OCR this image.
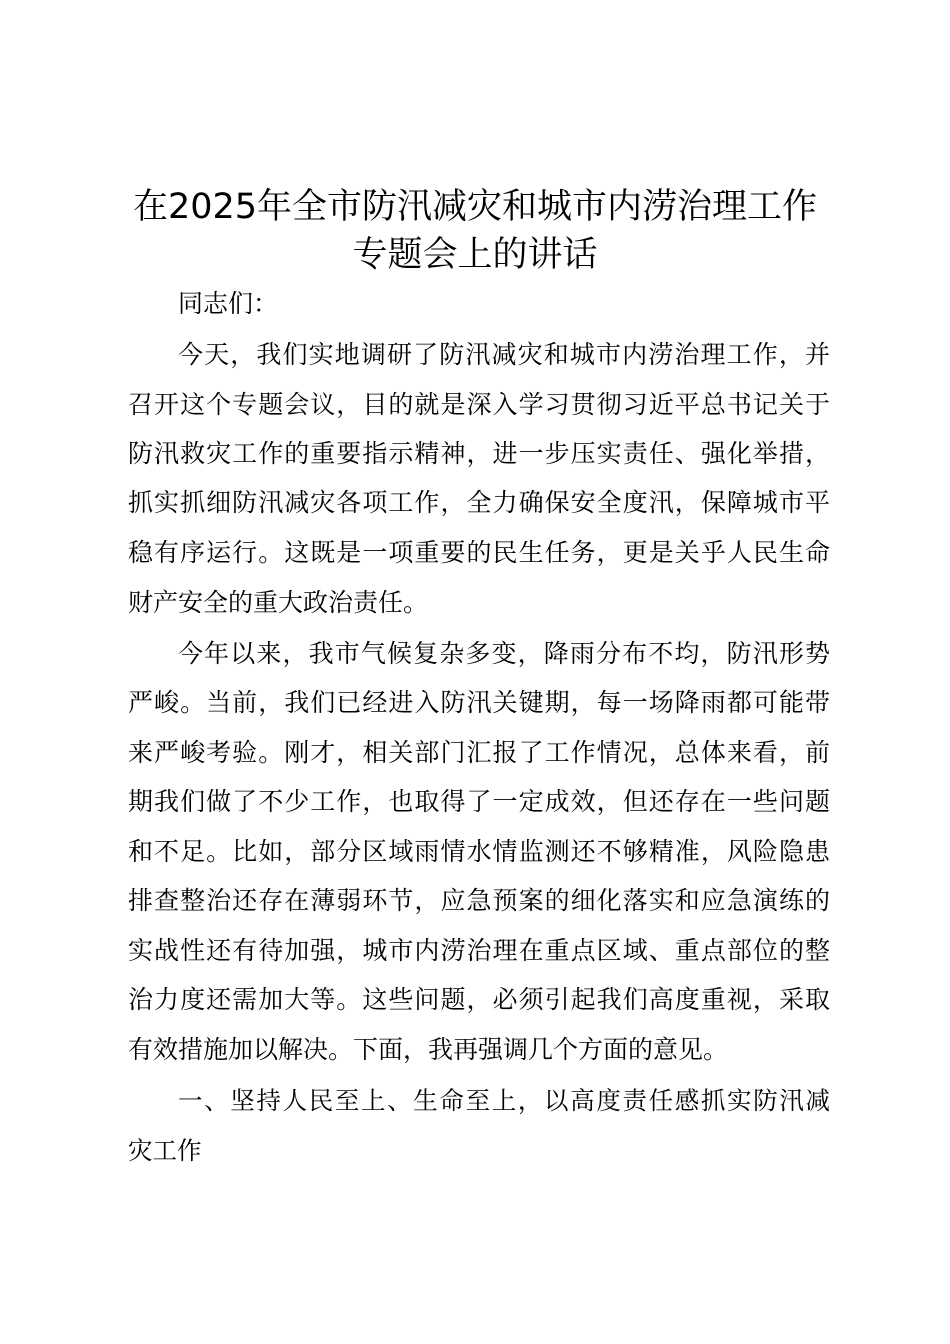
在2025年全市防汛减灾和城市内涝治理工作
专题会上的讲话
同志们：
今天，我们实地调研了防汛减灾和城市内涝治理工作，并
召开这个专题会议，目的就是深入学习贯彻习近平总书记关于
防汛救灾工作的重要指示精神，进一步压实责任、强化举措，
抓实抓细防汛减灾各项工作，全力确保安全度汛，保障城市平
稳有序运行。这既是一项重要的民生任务，更是关乎人民生命
财产安全的重大政治责任。
今年以来，我市气候复杂多变，降雨分布不均，防汛形势
严峻。当前，我们已经进入防汛关键期，每一场降雨都可能带
来严峻考验。刚才，相关部门汇报了工作情况，总体来看，前
期我们做了不少工作，也取得了一定成效，但还存在一些问题
和不足。比如，部分区域雨情水情监测还不够精准，风险隐患
排查整治还存在薄弱环节，应急预案的细化落实和应急演练的
实战性还有待加强，城市内涝治理在重点区域、重点部位的整
治力度还需加大等。这些问题，必须引起我们高度重视，采取
有效措施加以解决。下面，我再强调几个方面的意见。
一、坚持人民至上、生命至上，以高度责任感抓实防汛减
灾工作
